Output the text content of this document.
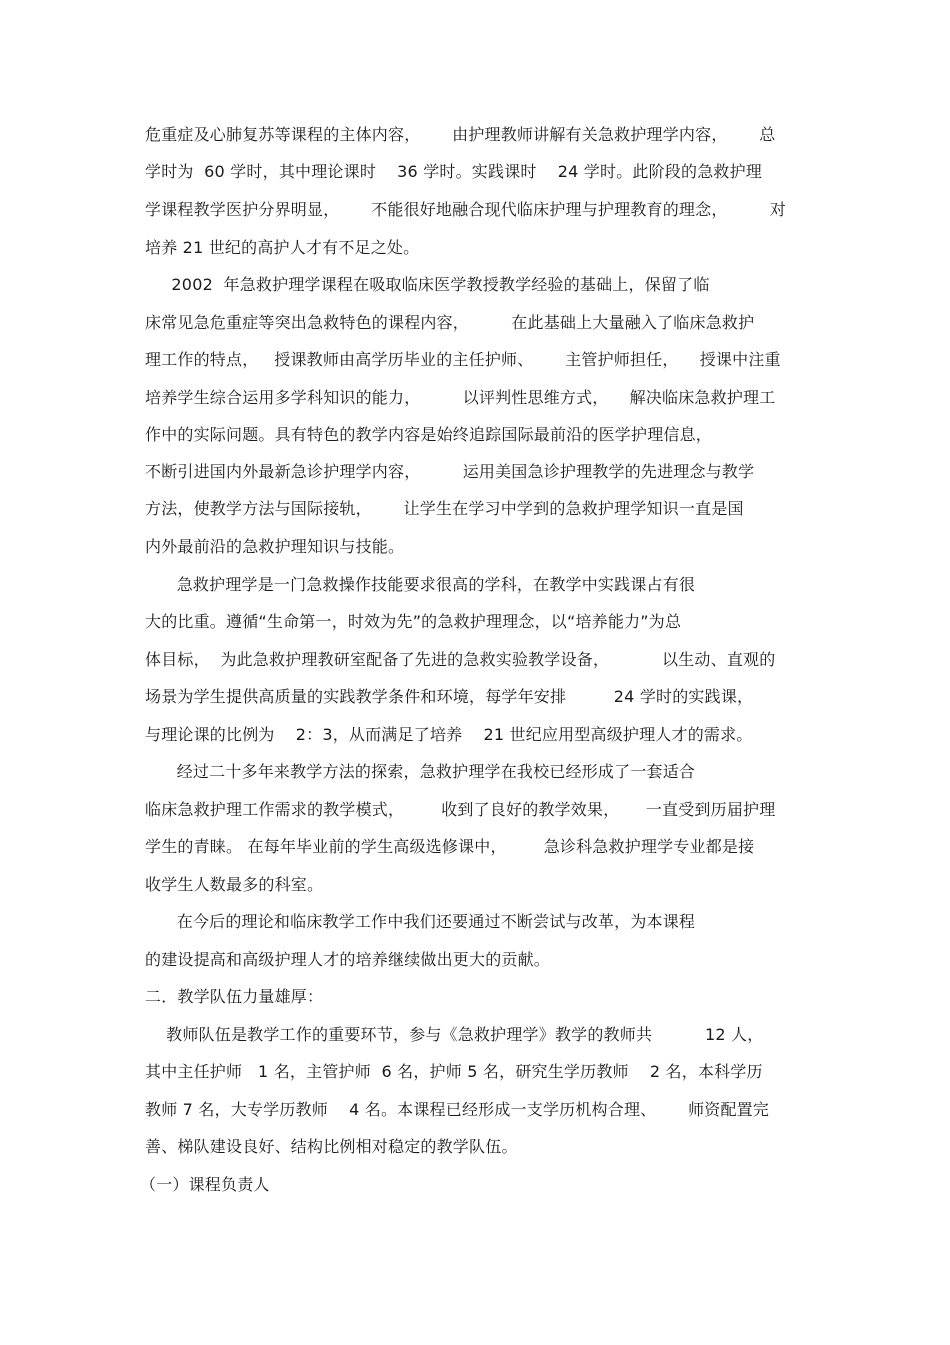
危重症及心肺复苏等课程的主体内容，      由护理教师讲解有关急救护理学内容，      总
学时为  60 学时，其中理论课时    36 学时。实践课时    24 学时。此阶段的急救护理
学课程教学医护分界明显，      不能很好地融合现代临床护理与护理教育的理念，        对
培养 21 世纪的高护人才有不足之处。
2002  年急救护理学课程在吸取临床医学教授教学经验的基础上，保留了临
床常见急危重症等突出急救特色的课程内容，        在此基础上大量融入了临床急救护
理工作的特点，   授课教师由高学历毕业的主任护师、      主管护师担任，    授课中注重
培养学生综合运用多学科知识的能力，        以评判性思维方式，    解决临床急救护理工
作中的实际问题。具有特色的教学内容是始终追踪国际最前沿的医学护理信息，
不断引进国内外最新急诊护理学内容，        运用美国急诊护理教学的先进理念与教学
方法，使教学方法与国际接轨，      让学生在学习中学到的急救护理学知识一直是国
内外最前沿的急救护理知识与技能。
急救护理学是一门急救操作技能要求很高的学科，在教学中实践课占有很
大的比重。遵循“生命第一，时效为先”的急救护理理念，以“培养能力”为总
体目标，  为此急救护理教研室配备了先进的急救实验教学设备，          以生动、直观的
场景为学生提供高质量的实践教学条件和环境，每学年安排         24 学时的实践课，
与理论课的比例为    2：3，从而满足了培养    21 世纪应用型高级护理人才的需求。
经过二十多年来教学方法的探索，急救护理学在我校已经形成了一套适合
临床急救护理工作需求的教学模式，       收到了良好的教学效果，     一直受到历届护理
学生的青睐。 在每年毕业前的学生高级选修课中，       急诊科急救护理学专业都是接
收学生人数最多的科室。
在今后的理论和临床教学工作中我们还要通过不断尝试与改革，为本课程
的建设提高和高级护理人才的培养继续做出更大的贡献。
二．教学队伍力量雄厚：
教师队伍是教学工作的重要环节，参与《急救护理学》教学的教师共          12 人，
其中主任护师   1 名，主管护师  6 名，护师 5 名，研究生学历教师    2 名，本科学历
教师 7 名，大专学历教师    4 名。本课程已经形成一支学历机构合理、      师资配置完
善、梯队建设良好、结构比例相对稳定的教学队伍。
（一）课程负责人
